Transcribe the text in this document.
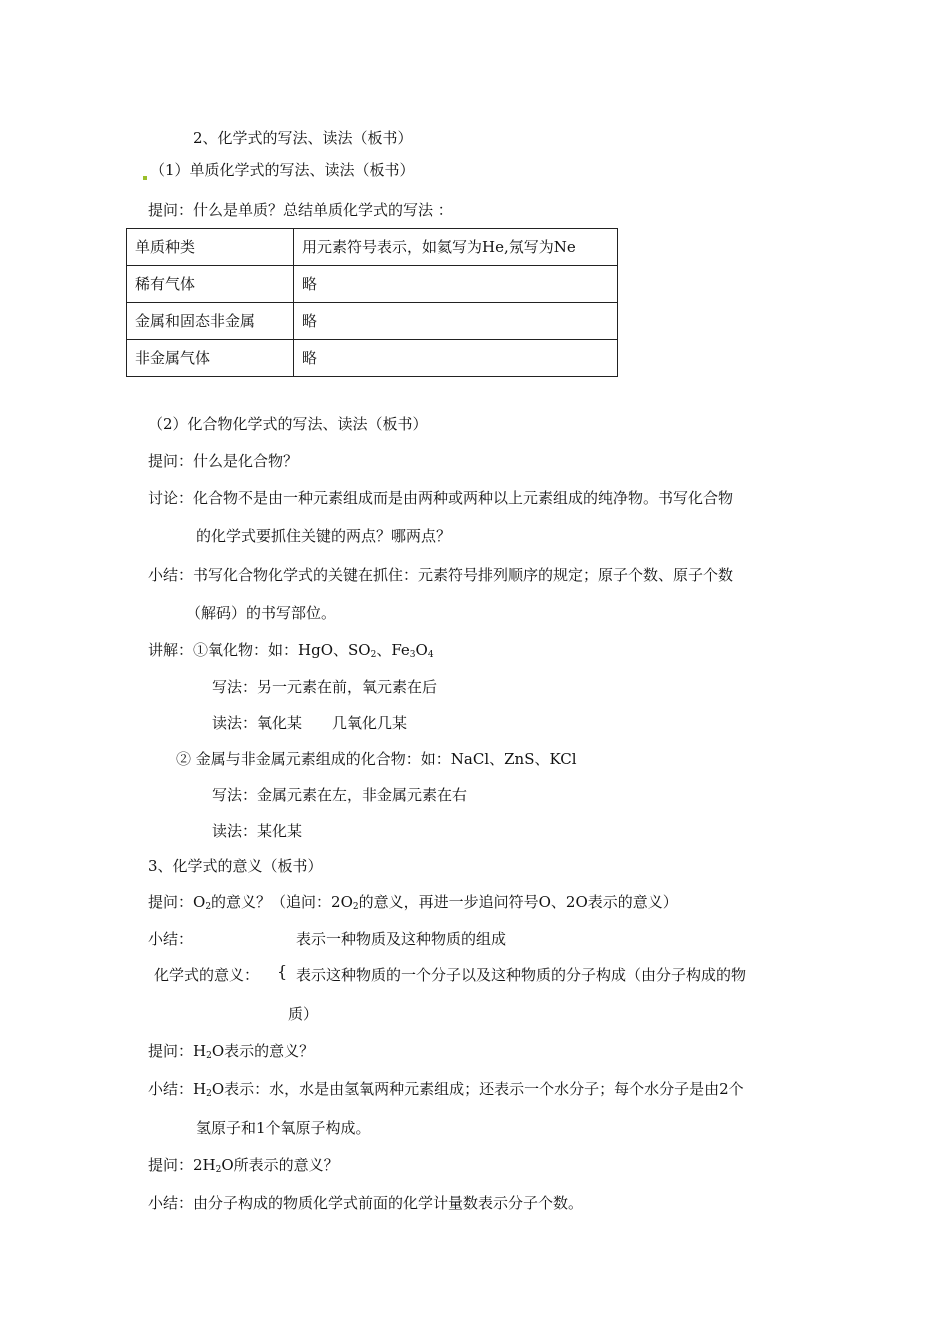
2、化学式的写法、读法（板书）
（1）单质化学式的写法、读法（板书）
提问：什么是单质？总结单质化学式的写法 ：
单质种类	用元素符号表示，如氦写为He,氖写为Ne
稀有气体	略
金属和固态非金属	略
非金属气体	略
（2）化合物化学式的写法、读法（板书）
提问：什么是化合物？
讨论：化合物不是由一种元素组成而是由两种或两种以上元素组成的纯净物。书写化合物
的化学式要抓住关键的两点？哪两点？
小结：书写化合物化学式的关键在抓住：元素符号排列顺序的规定；原子个数、原子个数
（解码）的书写部位。
讲解：①氧化物：如：HgO、$SO_2$、$Fe_3O_4$
写法：另一元素在前，氧元素在后
读法：氧化某　　几氧化几某
② 金属与非金属元素组成的化合物：如：NaCl、ZnS、KCl
写法：金属元素在左，非金属元素在右
读法：某化某
3、化学式的意义（板书）
提问：$O_2$的意义？（追问：$2O_2$的意义，再进一步追问符号O、2O表示的意义）
小结：	表示一种物质及这种物质的组成
化学式的意义： { 表示这种物质的一个分子以及这种物质的分子构成（由分子构成的物
质）
提问：$H_2O$表示的意义？
小结：$H_2O$表示：水，水是由氢氧两种元素组成；还表示一个水分子；每个水分子是由2个
氢原子和1个氧原子构成。
提问：$2H_2O$所表示的意义？
小结：由分子构成的物质化学式前面的化学计量数表示分子个数。
